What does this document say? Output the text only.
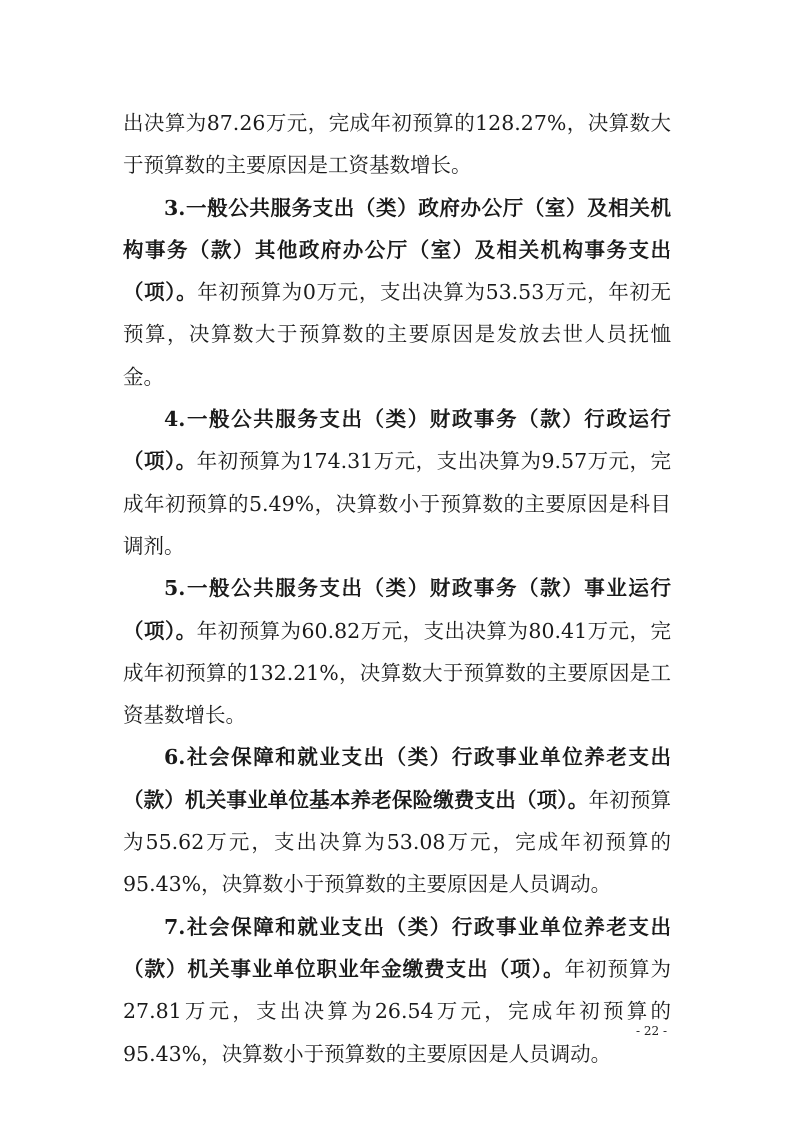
出决算为87.26万元，完成年初预算的128.27%，决算数大于预算数的主要原因是工资基数增长。

3.一般公共服务支出（类）政府办公厅（室）及相关机构事务（款）其他政府办公厅（室）及相关机构事务支出（项）。年初预算为0万元，支出决算为53.53万元，年初无预算，决算数大于预算数的主要原因是发放去世人员抚恤金。

4.一般公共服务支出（类）财政事务（款）行政运行（项）。年初预算为174.31万元，支出决算为9.57万元，完成年初预算的5.49%，决算数小于预算数的主要原因是科目调剂。

5.一般公共服务支出（类）财政事务（款）事业运行（项）。年初预算为60.82万元，支出决算为80.41万元，完成年初预算的132.21%，决算数大于预算数的主要原因是工资基数增长。

6.社会保障和就业支出（类）行政事业单位养老支出（款）机关事业单位基本养老保险缴费支出（项）。年初预算为55.62万元，支出决算为53.08万元，完成年初预算的95.43%，决算数小于预算数的主要原因是人员调动。

7.社会保障和就业支出（类）行政事业单位养老支出（款）机关事业单位职业年金缴费支出（项）。年初预算为27.81万元，支出决算为26.54万元，完成年初预算的95.43%，决算数小于预算数的主要原因是人员调动。

- 22 -
